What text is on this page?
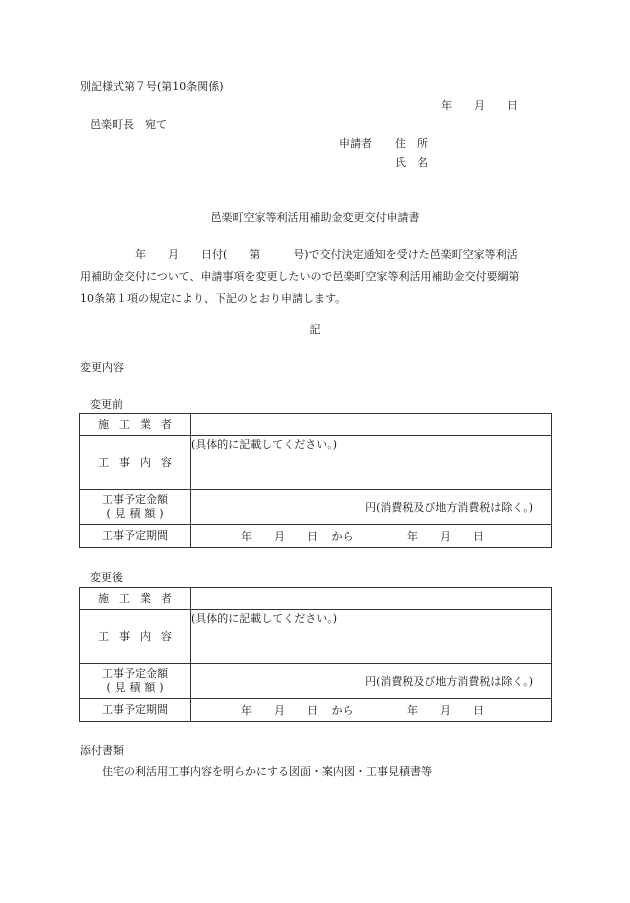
別記様式第７号(第10条関係)
年　　月　　日
邑楽町長　宛て
申請者 住　所
氏　名
邑楽町空家等利活用補助金変更交付申請書
　　　　　年　　月　　日付(　　第　　　号)で交付決定通知を受けた邑楽町空家等利活
用補助金交付について、申請事項を変更したいので邑楽町空家等利活用補助金交付要綱第
10条第１項の規定により、下記のとおり申請します。
記
変更内容
変更前
施工業者	
工事内容	(具体的に記載してください。)

工事予定金額
(見積額)	円(消費税及び地方消費税は除く。)
工事予定期間	年　　月　　日 から 年　　月　　日
変更後
施工業者	
工事内容	(具体的に記載してください。)

工事予定金額
(見積額)	円(消費税及び地方消費税は除く。)
工事予定期間	年　　月　　日 から 年　　月　　日
添付書類
住宅の利活用工事内容を明らかにする図面・案内図・工事見積書等
